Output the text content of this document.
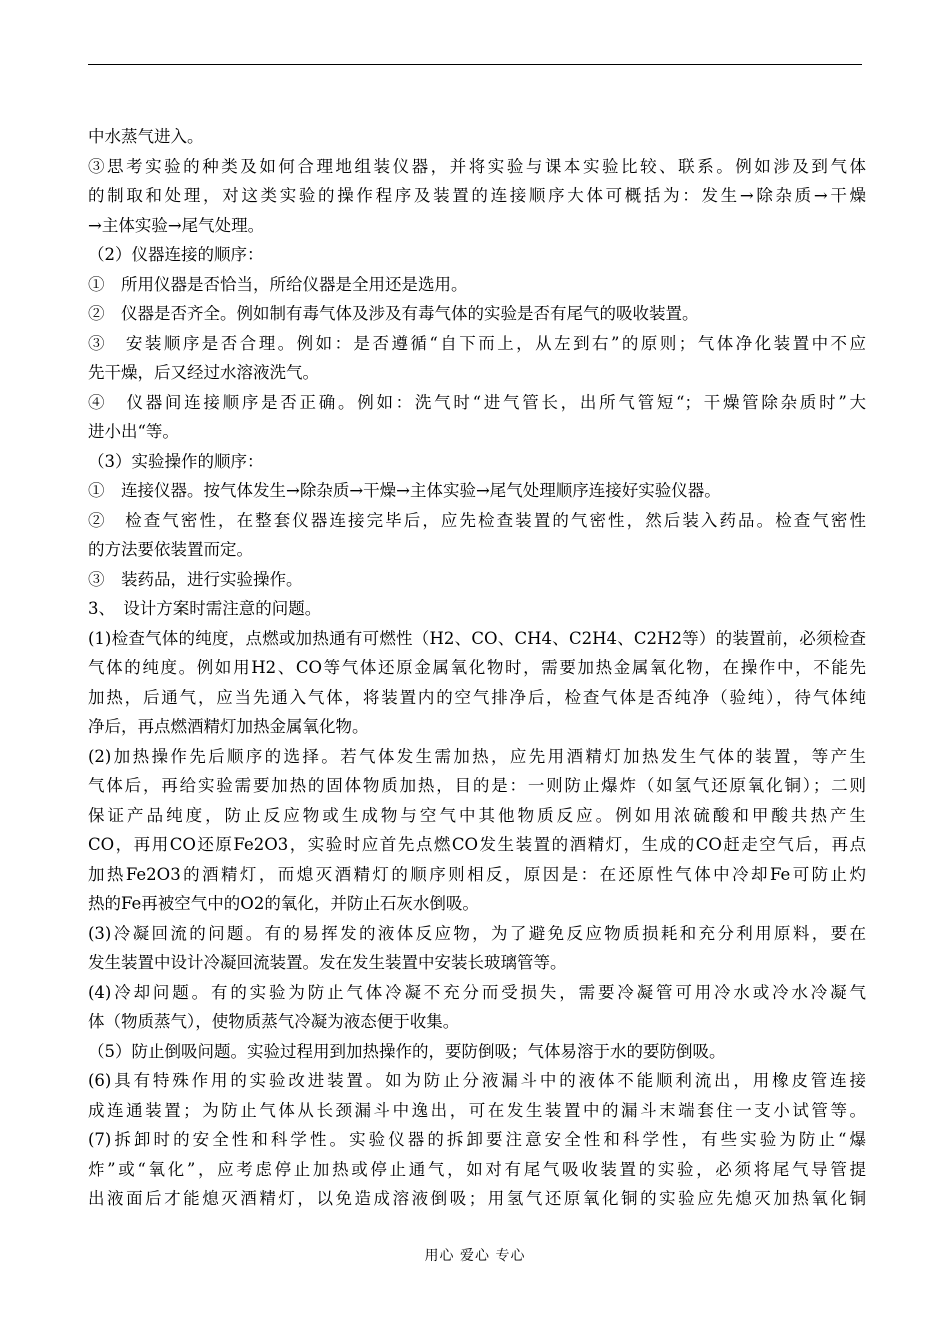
中水蒸气进入。
③思考实验的种类及如何合理地组装仪器，并将实验与课本实验比较、联系。例如涉及到气体
的制取和处理，对这类实验的操作程序及装置的连接顺序大体可概括为：发生→除杂质→干燥
→主体实验→尾气处理。
（2）仪器连接的顺序：
①　所用仪器是否恰当，所给仪器是全用还是选用。
②　仪器是否齐全。例如制有毒气体及涉及有毒气体的实验是否有尾气的吸收装置。
③　安装顺序是否合理。例如：是否遵循“自下而上，从左到右”的原则；气体净化装置中不应
先干燥，后又经过水溶液洗气。
④　仪器间连接顺序是否正确。例如：洗气时“进气管长，出所气管短“；干燥管除杂质时”大
进小出“等。
（3）实验操作的顺序：
①　连接仪器。按气体发生→除杂质→干燥→主体实验→尾气处理顺序连接好实验仪器。
②　检查气密性，在整套仪器连接完毕后，应先检查装置的气密性，然后装入药品。检查气密性
的方法要依装置而定。
③　装药品，进行实验操作。
3、　设计方案时需注意的问题。
(1)检查气体的纯度，点燃或加热通有可燃性（H2、CO、CH4、C2H4、C2H2等）的装置前，必须检查
气体的纯度。例如用H2、CO等气体还原金属氧化物时，需要加热金属氧化物，在操作中，不能先
加热，后通气，应当先通入气体，将装置内的空气排净后，检查气体是否纯净（验纯），待气体纯
净后，再点燃酒精灯加热金属氧化物。
(2)加热操作先后顺序的选择。若气体发生需加热，应先用酒精灯加热发生气体的装置，等产生
气体后，再给实验需要加热的固体物质加热，目的是：一则防止爆炸（如氢气还原氧化铜）；二则
保证产品纯度，防止反应物或生成物与空气中其他物质反应。例如用浓硫酸和甲酸共热产生
CO，再用CO还原Fe2O3，实验时应首先点燃CO发生装置的酒精灯，生成的CO赶走空气后，再点
加热Fe2O3的酒精灯，而熄灭酒精灯的顺序则相反，原因是：在还原性气体中冷却Fe可防止灼
热的Fe再被空气中的O2的氧化，并防止石灰水倒吸。
(3)冷凝回流的问题。有的易挥发的液体反应物，为了避免反应物质损耗和充分利用原料，要在
发生装置中设计冷凝回流装置。发在发生装置中安装长玻璃管等。
(4)冷却问题。有的实验为防止气体冷凝不充分而受损失，需要冷凝管可用冷水或冷水冷凝气
体（物质蒸气），使物质蒸气冷凝为液态便于收集。
（5）防止倒吸问题。实验过程用到加热操作的，要防倒吸；气体易溶于水的要防倒吸。
(6)具有特殊作用的实验改进装置。如为防止分液漏斗中的液体不能顺利流出，用橡皮管连接
成连通装置；为防止气体从长颈漏斗中逸出，可在发生装置中的漏斗末端套住一支小试管等。
(7)拆卸时的安全性和科学性。实验仪器的拆卸要注意安全性和科学性，有些实验为防止“爆
炸”或“氧化”，应考虑停止加热或停止通气，如对有尾气吸收装置的实验，必须将尾气导管提
出液面后才能熄灭酒精灯，以免造成溶液倒吸；用氢气还原氧化铜的实验应先熄灭加热氧化铜
用心 爱心 专心
